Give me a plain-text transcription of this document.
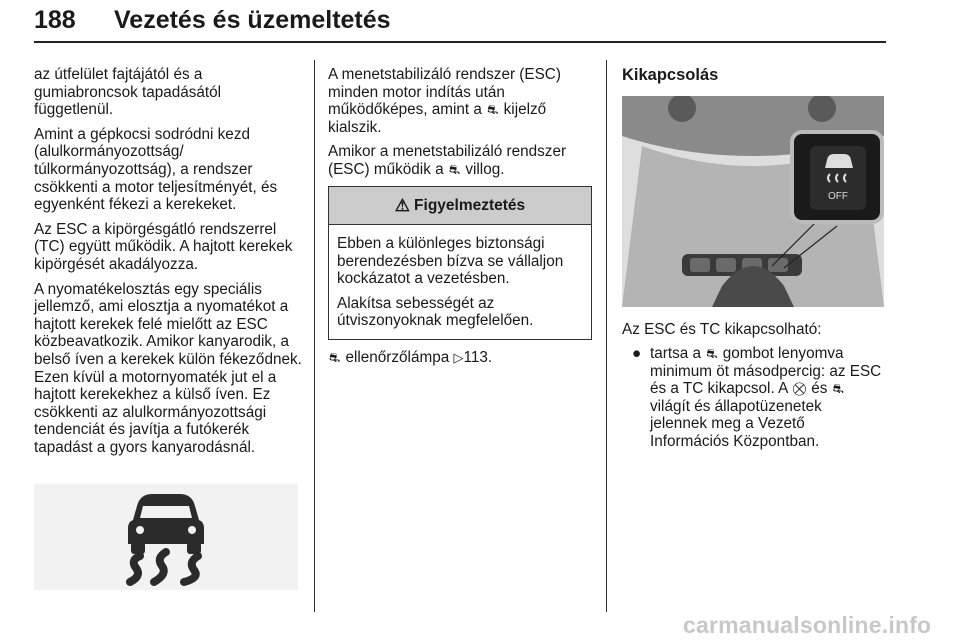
188 Vezetés és üzemeltetés

az útfelület fajtájától és a gumiabroncsok tapadásától függetlenül.

Amint a gépkocsi sodródni kezd (alulkormányozottság/ túlkormányozottság), a rendszer csökkenti a motor teljesítményét, és egyenként fékezi a kerekeket.

Az ESC a kipörgésgátló rendszerrel (TC) együtt működik. A hajtott kerekek kipörgését akadályozza.

A nyomatékelosztás egy speciális jellemző, ami elosztja a nyomatékot a hajtott kerekek felé mielőtt az ESC közbeavatkozik. Amikor kanyarodik, a belső íven a kerekek külön fékeződnek. Ezen kívül a motornyomaték jut el a hajtott kerekekhez a külső íven. Ez csökkenti az alulkormányozottsági tendenciát és javítja a futókerék tapadást a gyors kanyarodásnál.

A menetstabilizáló rendszer (ESC) minden motor indítás után működőképes, amint a ⛐ kijelző kialszik.

Amikor a menetstabilizáló rendszer (ESC) működik a ⛐ villog.

⚠ Figyelmeztetés

Ebben a különleges biztonsági berendezésben bízva se vállaljon kockázatot a vezetésben.

Alakítsa sebességét az útviszonyoknak megfelelően.

⛐ ellenőrzőlámpa ▷113.
Kikapcsolás
OFF
Az ESC és TC kikapcsolható:
● tartsa a ⛐ gombot lenyomva minimum öt másodpercig: az ESC és a TC kikapcsol. A ⛒ és ⛐ világít és állapotüzenetek jelennek meg a Vezető Információs Központban.
carmanualsonline.info
